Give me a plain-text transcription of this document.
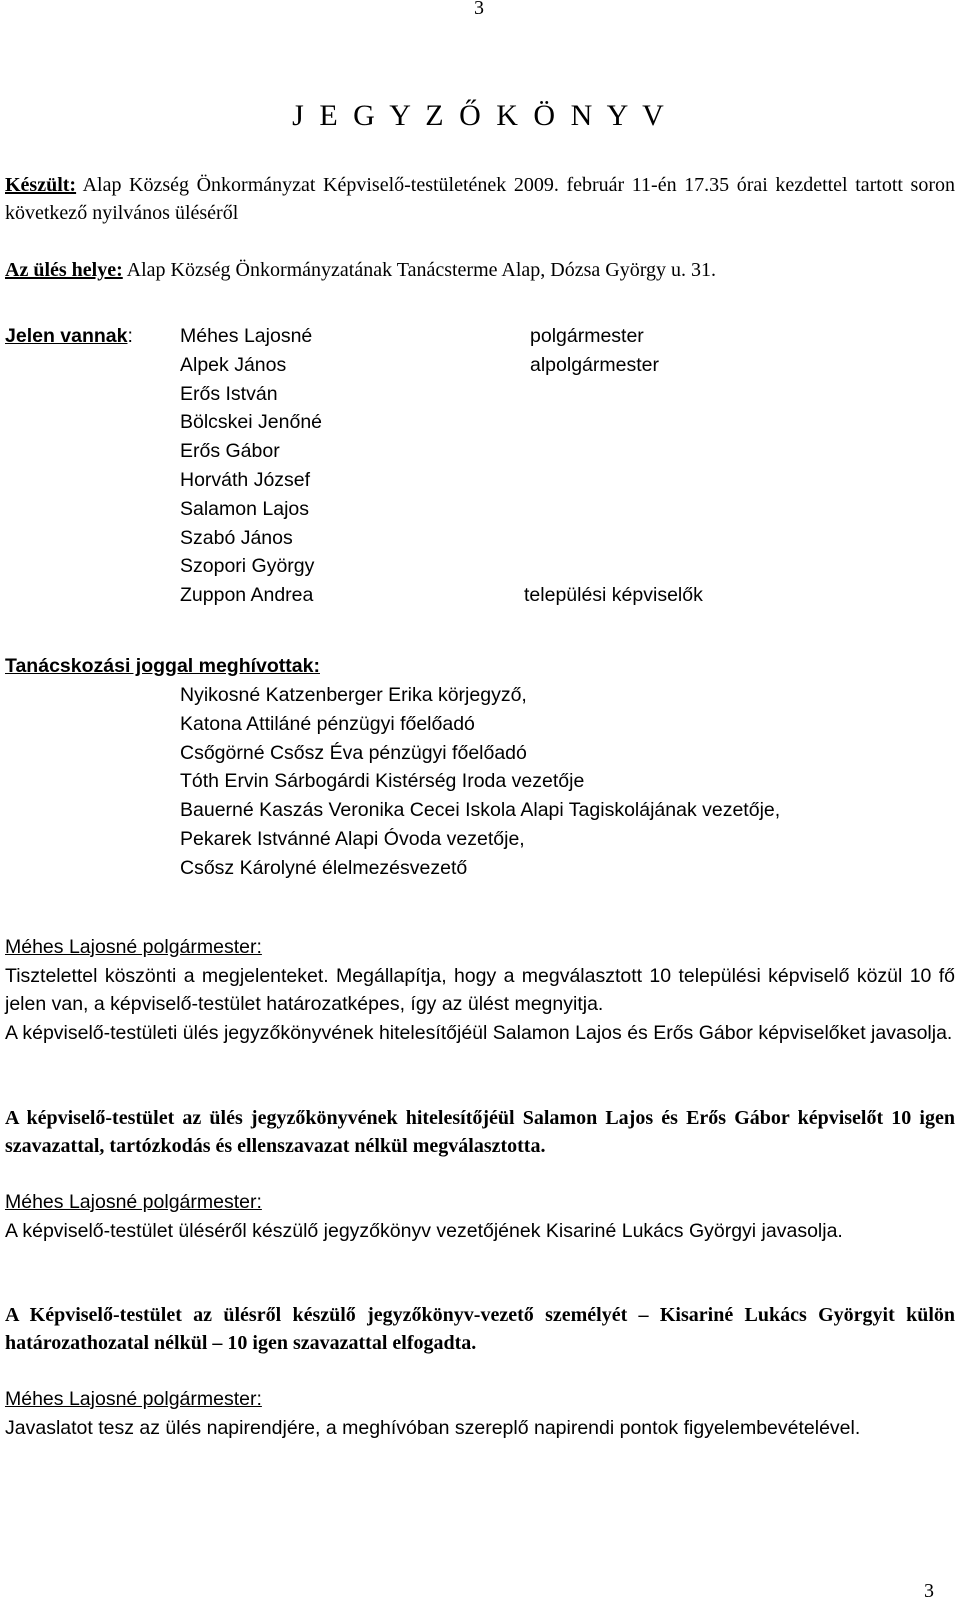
3
J E G Y Z Ő K Ö N Y V
Készült: Alap Község Önkormányzat Képviselő-testületének 2009. február 11-én 17.35 órai kezdettel tartott soron következő nyilvános üléséről
Az ülés helye: Alap Község Önkormányzatának Tanácsterme Alap, Dózsa György u. 31.
Jelen vannak: Méhes Lajosné
Alpek János
Erős István
Bölcskei Jenőné
Erős Gábor
Horváth József
Salamon Lajos
Szabó János
Szopori György
Zuppon Andrea
polgármester
alpolgármester
települési képviselők
Tanácskozási joggal meghívottak:
Nyikosné Katzenberger Erika körjegyző,
Katona Attiláné pénzügyi főelőadó
Csőgörné Csősz Éva pénzügyi főelőadó
Tóth Ervin Sárbogárdi Kistérség Iroda vezetője
Bauerné Kaszás Veronika Cecei Iskola Alapi Tagiskolájának vezetője,
Pekarek Istvánné Alapi Óvoda vezetője,
Csősz Károlyné élelmezésvezető
Méhes Lajosné polgármester:
Tisztelettel köszönti a megjelenteket. Megállapítja, hogy a megválasztott 10 települési képviselő közül 10 fő jelen van, a képviselő-testület határozatképes, így az ülést megnyitja.
A képviselő-testületi ülés jegyzőkönyvének hitelesítőjéül Salamon Lajos és Erős Gábor képviselőket javasolja.
A képviselő-testület az ülés jegyzőkönyvének hitelesítőjéül Salamon Lajos és Erős Gábor képviselőt 10 igen szavazattal, tartózkodás és ellenszavazat nélkül megválasztotta.
Méhes Lajosné polgármester:
A képviselő-testület üléséről készülő jegyzőkönyv vezetőjének Kisariné Lukács Györgyi javasolja.
A Képviselő-testület az ülésről készülő jegyzőkönyv-vezető személyét – Kisariné Lukács Györgyit külön határozathozatal nélkül – 10 igen szavazattal elfogadta.
Méhes Lajosné polgármester:
Javaslatot tesz az ülés napirendjére, a meghívóban szereplő napirendi pontok figyelembevételével.
3
